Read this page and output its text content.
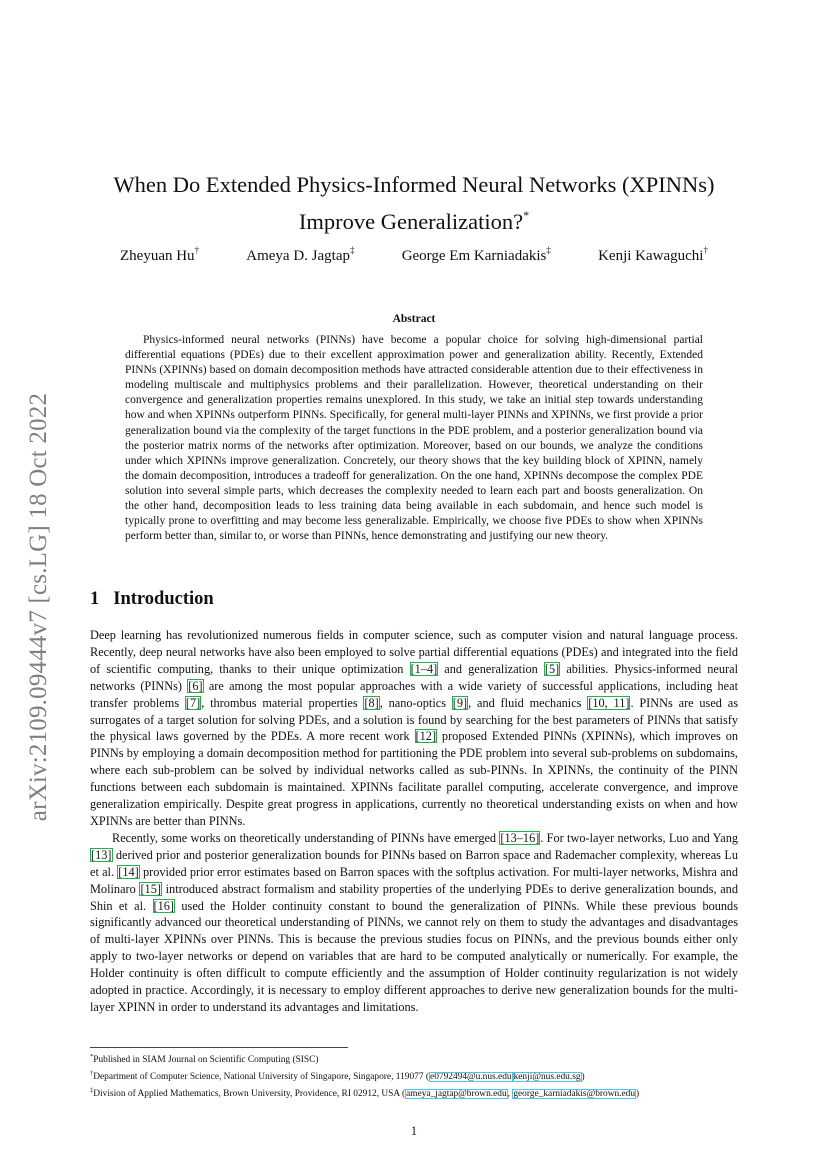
arXiv:2109.09444v7 [cs.LG] 18 Oct 2022
When Do Extended Physics-Informed Neural Networks (XPINNs)
Improve Generalization?*
Zheyuan Hu†	Ameya D. Jagtap‡	George Em Karniadakis‡	Kenji Kawaguchi†
Abstract

Physics-informed neural networks (PINNs) have become a popular choice for solving high-dimensional partial differential equations (PDEs) due to their excellent approximation power and generalization ability. Recently, Extended PINNs (XPINNs) based on domain decomposition methods have attracted considerable attention due to their effectiveness in modeling multiscale and multiphysics problems and their parallelization. However, theoretical understanding on their convergence and generalization properties remains unexplored. In this study, we take an initial step towards understanding how and when XPINNs outperform PINNs. Specifically, for general multi-layer PINNs and XPINNs, we first provide a prior generalization bound via the complexity of the target functions in the PDE problem, and a posterior generalization bound via the posterior matrix norms of the networks after optimization. Moreover, based on our bounds, we analyze the conditions under which XPINNs improve generalization. Concretely, our theory shows that the key building block of XPINN, namely the domain decomposition, introduces a tradeoff for generalization. On the one hand, XPINNs decompose the complex PDE solution into several simple parts, which decreases the complexity needed to learn each part and boosts generalization. On the other hand, decomposition leads to less training data being available in each subdomain, and hence such model is typically prone to overfitting and may become less generalizable. Empirically, we choose five PDEs to show when XPINNs perform better than, similar to, or worse than PINNs, hence demonstrating and justifying our new theory.

1 Introduction

Deep learning has revolutionized numerous fields in computer science, such as computer vision and natural language process. Recently, deep neural networks have also been employed to solve partial differential equations (PDEs) and integrated into the field of scientific computing, thanks to their unique optimization [1–4] and generalization [5] abilities. Physics-informed neural networks (PINNs) [6] are among the most popular approaches with a wide variety of successful applications, including heat transfer problems [7], thrombus material properties [8], nano-optics [9], and fluid mechanics [10, 11]. PINNs are used as surrogates of a target solution for solving PDEs, and a solution is found by searching for the best parameters of PINNs that satisfy the physical laws governed by the PDEs. A more recent work [12] proposed Extended PINNs (XPINNs), which improves on PINNs by employing a domain decomposition method for partitioning the PDE problem into several sub-problems on subdomains, where each sub-problem can be solved by individual networks called as sub-PINNs. In XPINNs, the continuity of the PINN functions between each subdomain is maintained. XPINNs facilitate parallel computing, accelerate convergence, and improve generalization empirically. Despite great progress in applications, currently no theoretical understanding exists on when and how XPINNs are better than PINNs.

Recently, some works on theoretically understanding of PINNs have emerged [13–16]. For two-layer networks, Luo and Yang [13] derived prior and posterior generalization bounds for PINNs based on Barron space and Rademacher complexity, whereas Lu et al. [14] provided prior error estimates based on Barron spaces with the softplus activation. For multi-layer networks, Mishra and Molinaro [15] introduced abstract formalism and stability properties of the underlying PDEs to derive generalization bounds, and Shin et al. [16] used the Holder continuity constant to bound the generalization of PINNs. While these previous bounds significantly advanced our theoretical understanding of PINNs, we cannot rely on them to study the advantages and disadvantages of multi-layer XPINNs over PINNs. This is because the previous studies focus on PINNs, and the previous bounds either only apply to two-layer networks or depend on variables that are hard to be computed analytically or numerically. For example, the Holder continuity is often difficult to compute efficiently and the assumption of Holder continuity regularization is not widely adopted in practice. Accordingly, it is necessary to employ different approaches to derive new generalization bounds for the multi-layer XPINN in order to understand its advantages and limitations.

*Published in SIAM Journal on Scientific Computing (SISC)
†Department of Computer Science, National University of Singapore, Singapore, 119077 (e0792494@u.nus.edu kenji@nus.edu.sg)
‡Division of Applied Mathematics, Brown University, Providence, RI 02912, USA (ameya_jagtap@brown.edu, george_karniadakis@brown.edu)
1
